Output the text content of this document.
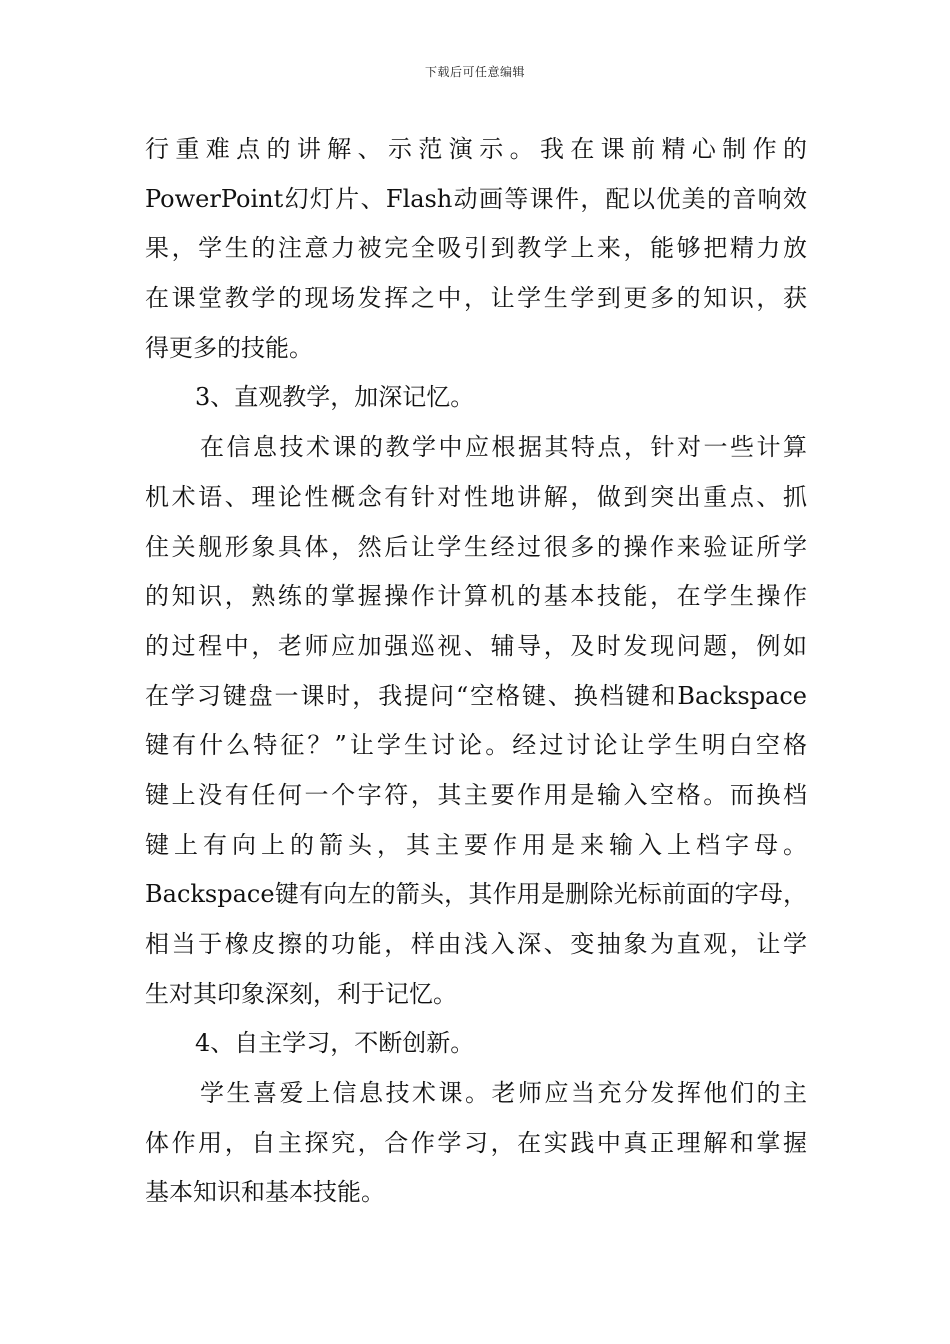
下载后可任意编辑
行重难点的讲解、示范演示。我在课前精心制作的
PowerPoint幻灯片、Flash动画等课件，配以优美的音响效
果，学生的注意力被完全吸引到教学上来，能够把精力放
在课堂教学的现场发挥之中，让学生学到更多的知识，获
得更多的技能。
3、直观教学，加深记忆。
在信息技术课的教学中应根据其特点，针对一些计算
机术语、理论性概念有针对性地讲解，做到突出重点、抓
住关舰形象具体，然后让学生经过很多的操作来验证所学
的知识，熟练的掌握操作计算机的基本技能，在学生操作
的过程中，老师应加强巡视、辅导，及时发现问题，例如
在学习键盘一课时，我提问“空格键、换档键和Backspace
键有什么特征？”让学生讨论。经过讨论让学生明白空格
键上没有任何一个字符，其主要作用是输入空格。而换档
键上有向上的箭头，其主要作用是来输入上档字母。
Backspace键有向左的箭头，其作用是删除光标前面的字母，
相当于橡皮擦的功能，样由浅入深、变抽象为直观，让学
生对其印象深刻，利于记忆。
4、自主学习，不断创新。
学生喜爱上信息技术课。老师应当充分发挥他们的主
体作用，自主探究，合作学习，在实践中真正理解和掌握
基本知识和基本技能。
